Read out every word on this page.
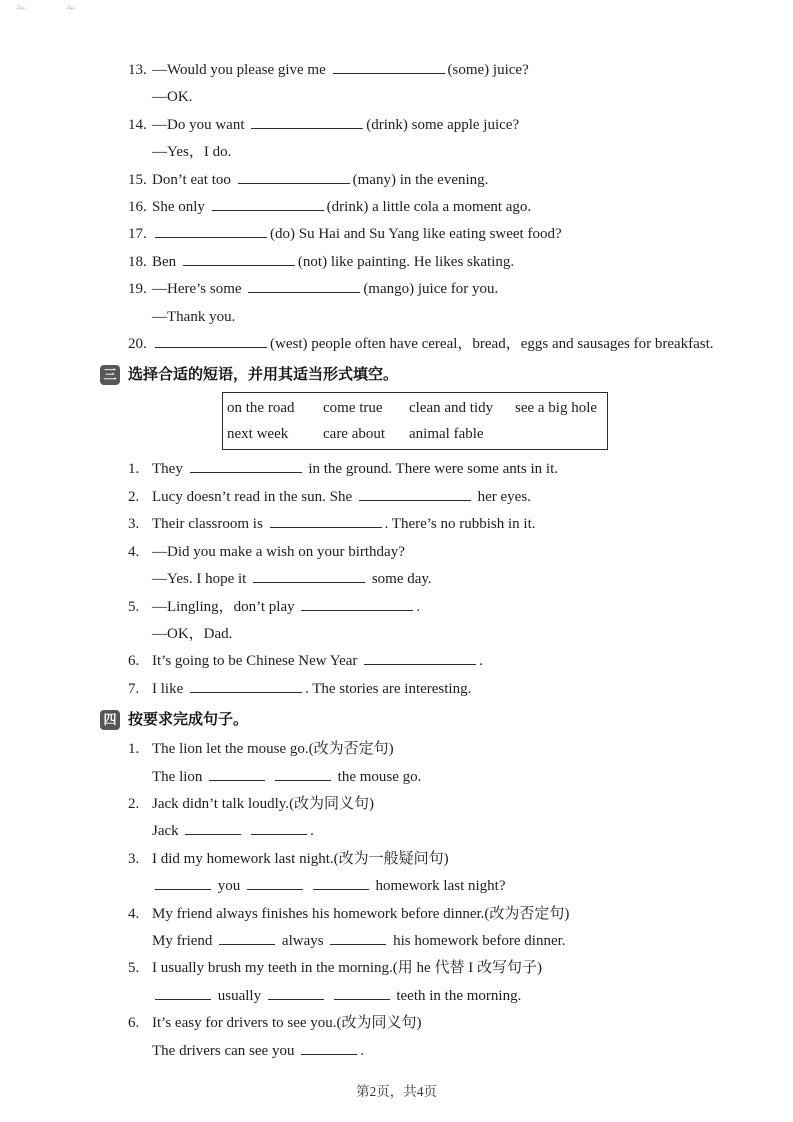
✁	✁
13. —Would you please give me	(some) juice?
—OK.
14. —Do you want	(drink) some apple juice?
—Yes，I do.
15. Don’t eat too	(many) in the evening.
16. She only	(drink) a little cola a moment ago.
17.	(do) Su Hai and Su Yang like eating sweet food?
18. Ben	(not) like painting. He likes skating.
19. —Here’s some	(mango) juice for you.
—Thank you.
20.	(west) people often have cereal，bread，eggs and sausages for breakfast.
三 选择合适的短语，并用其适当形式填空。
on the road	come true	clean and tidy	see a big hole
next week	care about	animal fable
1. They	in the ground. There were some ants in it.
2. Lucy doesn’t read in the sun. She	her eyes.
3. Their classroom is	. There’s no rubbish in it.
4. —Did you make a wish on your birthday?
—Yes. I hope it	some day.
5. —Lingling，don’t play	.
—OK，Dad.
6. It’s going to be Chinese New Year	.
7. I like	. The stories are interesting.
四 按要求完成句子。
1. The lion let the mouse go.(改为否定句)
The lion	the mouse go.
2. Jack didn’t talk loudly.(改为同义句)
Jack	.
3. I did my homework last night.(改为一般疑问句)
you	homework last night?
4. My friend always finishes his homework before dinner.(改为否定句)
My friend	always	his homework before dinner.
5. I usually brush my teeth in the morning.(用 he 代替 I 改写句子)
usually	teeth in the morning.
6. It’s easy for drivers to see you.(改为同义句)
The drivers can see you	.
第2页，共4页
